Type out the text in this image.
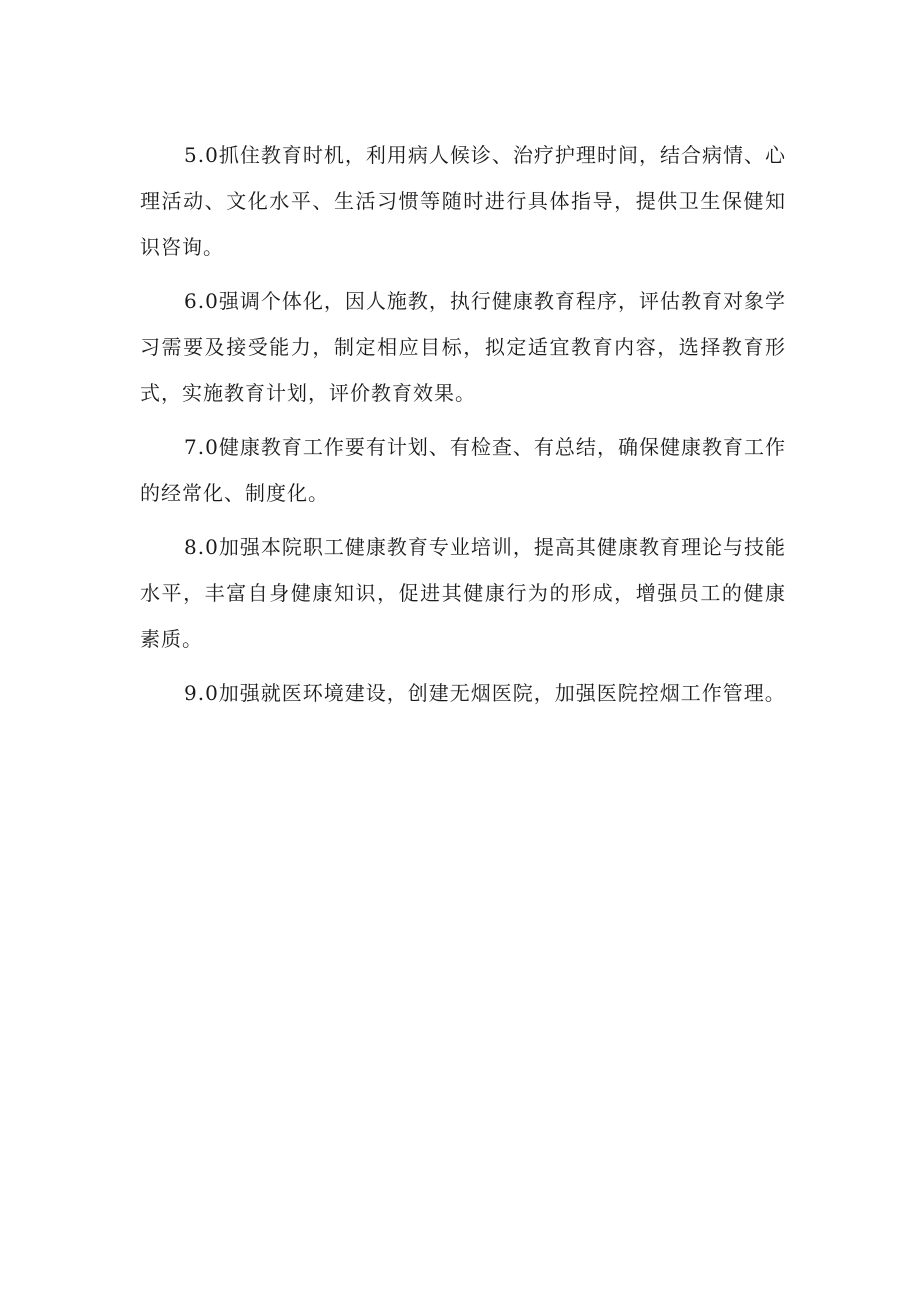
5.0抓住教育时机，利用病人候诊、治疗护理时间，结合病情、心理活动、文化水平、生活习惯等随时进行具体指导，提供卫生保健知识咨询。

6.0强调个体化，因人施教，执行健康教育程序，评估教育对象学习需要及接受能力，制定相应目标，拟定适宜教育内容，选择教育形式，实施教育计划，评价教育效果。

7.0健康教育工作要有计划、有检查、有总结，确保健康教育工作的经常化、制度化。

8.0加强本院职工健康教育专业培训，提高其健康教育理论与技能水平，丰富自身健康知识，促进其健康行为的形成，增强员工的健康素质。

9.0加强就医环境建设，创建无烟医院，加强医院控烟工作管理。
